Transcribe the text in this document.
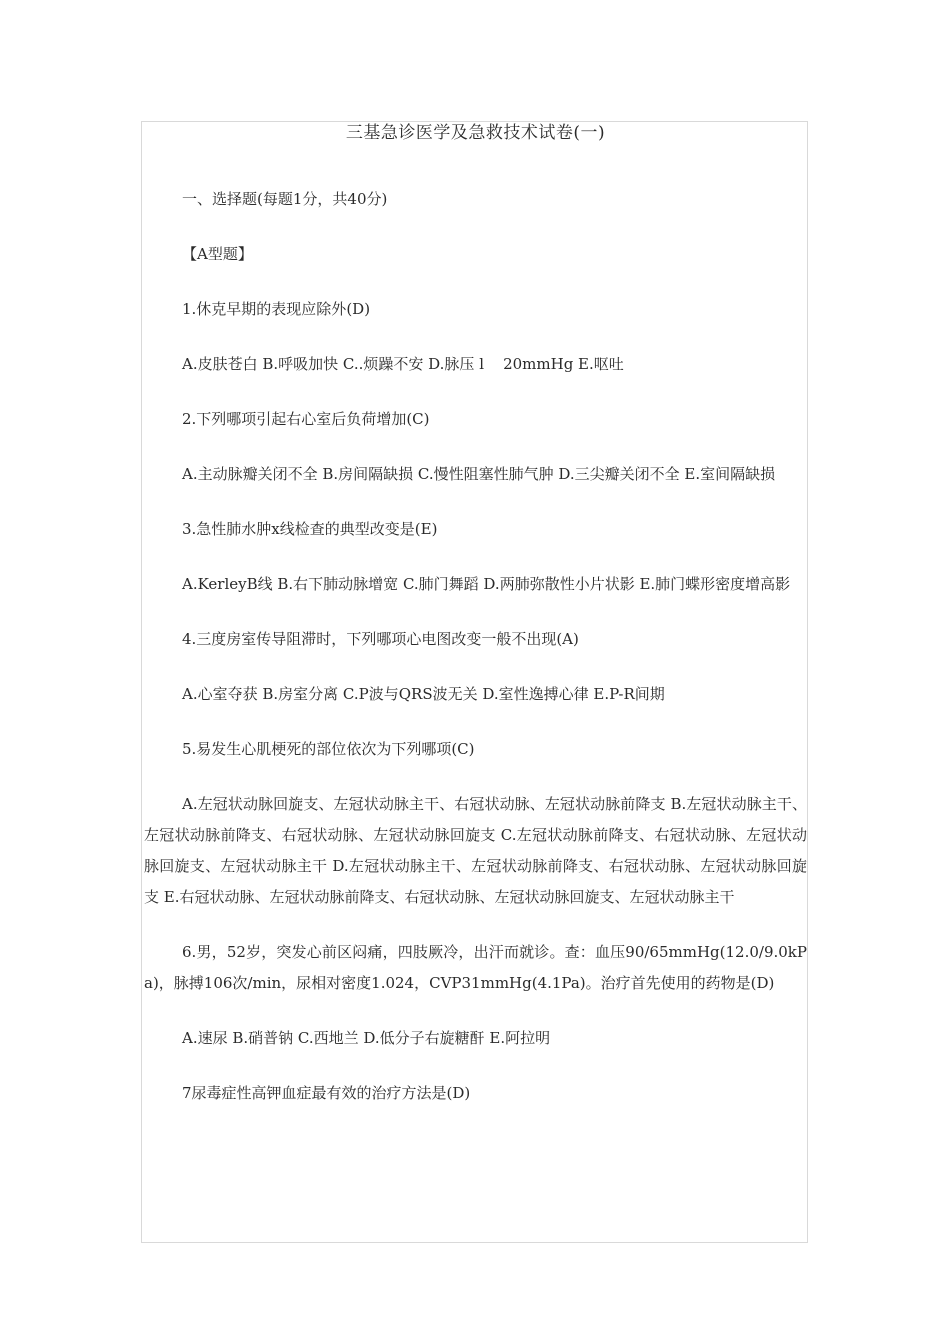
三基急诊医学及急救技术试卷(一)

一、选择题(每题1分，共40分)

【A型题】

1.休克早期的表现应除外(D)

A.皮肤苍白 B.呼吸加快 C..烦躁不安 D.脉压 l    20mmHg E.呕吐

2.下列哪项引起右心室后负荷增加(C)

A.主动脉瓣关闭不全 B.房间隔缺损 C.慢性阻塞性肺气肿 D.三尖瓣关闭不全 E.室间隔缺损

3.急性肺水肿x线检查的典型改变是(E)

A.KerleyB线 B.右下肺动脉增宽 C.肺门舞蹈 D.两肺弥散性小片状影 E.肺门蝶形密度增高影

4.三度房室传导阻滞时，下列哪项心电图改变一般不出现(A)

A.心室夺获 B.房室分离 C.P波与QRS波无关 D.室性逸搏心律 E.P-R间期

5.易发生心肌梗死的部位依次为下列哪项(C)

A.左冠状动脉回旋支、左冠状动脉主干、右冠状动脉、左冠状动脉前降支 B.左冠状动脉主干、左冠状动脉前降支、右冠状动脉、左冠状动脉回旋支 C.左冠状动脉前降支、右冠状动脉、左冠状动脉回旋支、左冠状动脉主干 D.左冠状动脉主干、左冠状动脉前降支、右冠状动脉、左冠状动脉回旋支 E.右冠状动脉、左冠状动脉前降支、右冠状动脉、左冠状动脉回旋支、左冠状动脉主干

6.男，52岁，突发心前区闷痛，四肢厥冷，出汗而就诊。查：血压90/65mmHg(12.0/9.0kPa)，脉搏106次/min，尿相对密度1.024，CVP31mmHg(4.1Pa)。治疗首先使用的药物是(D)

A.速尿 B.硝普钠 C.西地兰 D.低分子右旋糖酐 E.阿拉明

7尿毒症性高钾血症最有效的治疗方法是(D)
